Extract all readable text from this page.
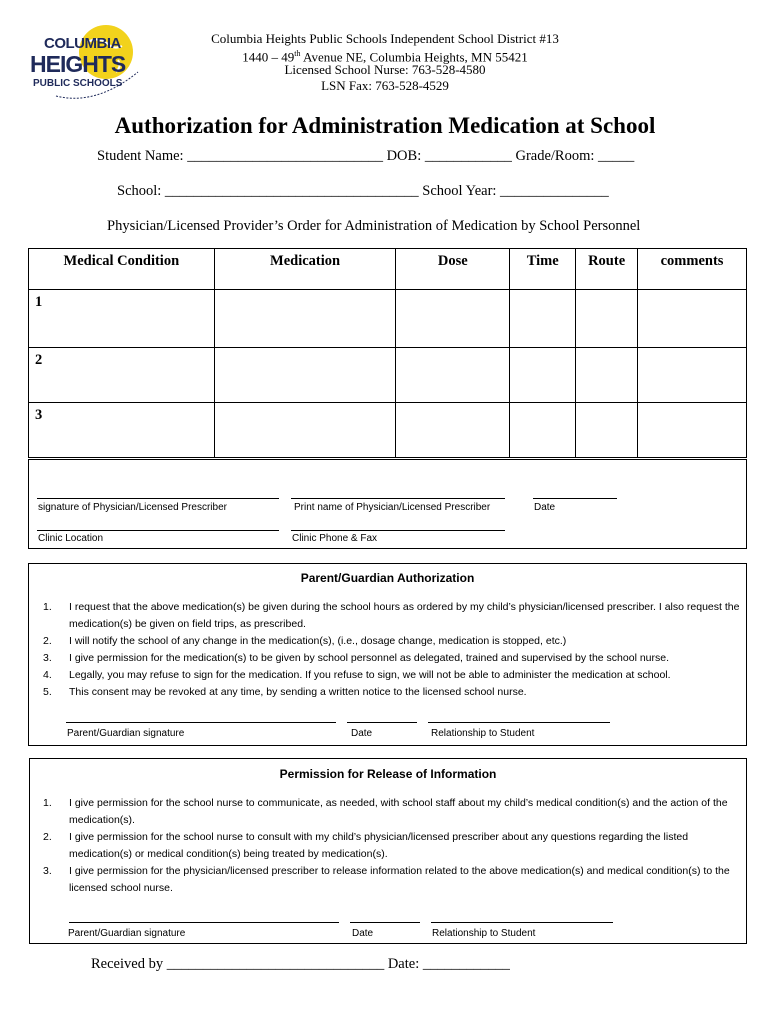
COLUMBIA
HEIGHTS
PUBLIC SCHOOLS
Columbia Heights Public Schools Independent School District #13
1440 – 49th Avenue NE, Columbia Heights, MN 55421
Licensed School Nurse: 763-528-4580
LSN Fax: 763-528-4529
Authorization for Administration Medication at School
Student Name: ___________________________ DOB: ____________ Grade/Room: _____
School: ___________________________________ School Year: _______________
Physician/Licensed Provider’s Order for Administration of Medication by School Personnel
Medical Condition	Medication	Dose	Time	Route	comments
1					
2					
3					
signature of Physician/Licensed Prescriber	Print name of Physician/Licensed Prescriber	Date
Clinic Location	Clinic Phone & Fax
Parent/Guardian Authorization
1. I request that the above medication(s) be given during the school hours as ordered by my child’s physician/licensed prescriber. I also request the medication(s) be given on field trips, as prescribed.
2. I will notify the school of any change in the medication(s), (i.e., dosage change, medication is stopped, etc.)
3. I give permission for the medication(s) to be given by school personnel as delegated, trained and supervised by the school nurse.
4. Legally, you may refuse to sign for the medication. If you refuse to sign, we will not be able to administer the medication at school.
5. This consent may be revoked at any time, by sending a written notice to the licensed school nurse.
Parent/Guardian signature	Date	Relationship to Student
Permission for Release of Information
1. I give permission for the school nurse to communicate, as needed, with school staff about my child’s medical condition(s) and the action of the medication(s).
2. I give permission for the school nurse to consult with my child’s physician/licensed prescriber about any questions regarding the listed medication(s) or medical condition(s) being treated by medication(s).
3. I give permission for the physician/licensed prescriber to release information related to the above medication(s) and medical condition(s) to the licensed school nurse.
Parent/Guardian signature	Date	Relationship to Student
Received by ______________________________ Date: ____________
